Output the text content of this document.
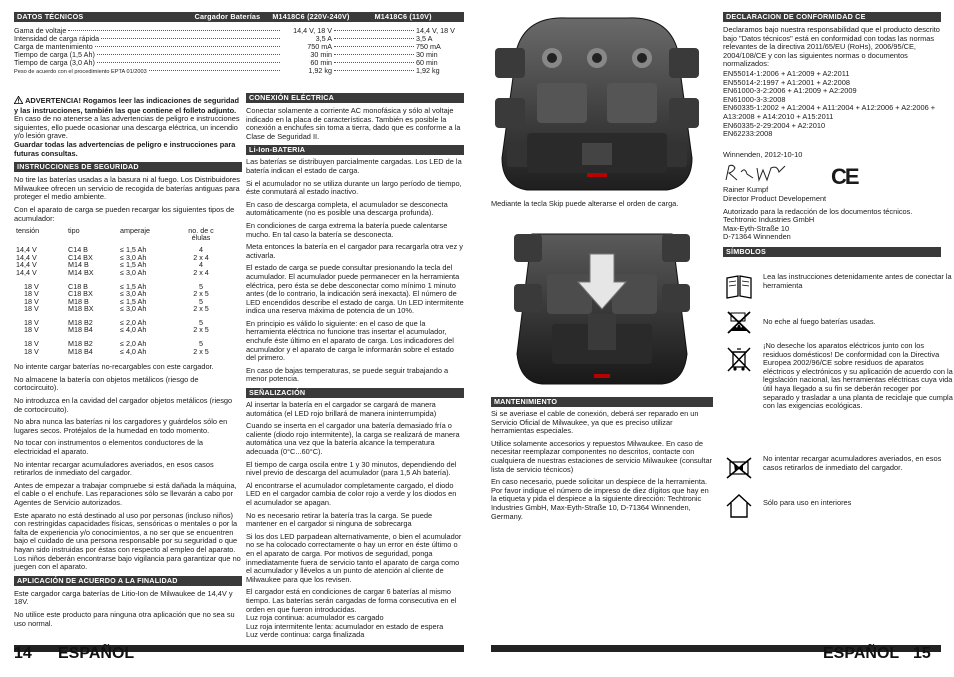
DATOS TÉCNICOS	Cargador Baterías	M1418C6 (220V-240V)	M1418C6 (110V)
Gama de voltaje	14,4 V, 18 V	14,4 V, 18 V
Intensidad de carga rápida	3,5 A	3,5 A
Carga de mantenimiento	750 mA	750 mA
Tiempo de carga (1,5 Ah)	30 min	30 min
Tiempo de carga (3,0 Ah)	60 min	60 min
Peso de acuerdo con el procedimiento EPTA 01/2003	1,92 kg	1,92 kg

ADVERTENCIA! Rogamos leer las indicaciones de seguridad y las instrucciones, también las que contiene el folleto adjunto. En caso de no atenerse a las advertencias de peligro e instrucciones siguientes, ello puede ocasionar una descarga eléctrica, un incendio y/o lesión grave.
Guardar todas las advertencias de peligro e instrucciones para futuras consultas.

INSTRUCCIONES DE SEGURIDAD

No tire las baterías usadas a la basura ni al fuego. Los Distribuidores Milwaukee ofrecen un servicio de recogida de baterías antiguas para proteger el medio ambiente.

Con el aparato de carga se pueden recargar los siguientes tipos de acumulador:

tensión	tipo	amperaje	no. de c élulas

14,4 V	C14 B	≤ 1,5 Ah	4
14,4 V	C14 BX	≤ 3,0 Ah	2 x 4
14,4 V	M14 B	≤ 1,5 Ah	4
14,4 V	M14 BX	≤ 3,0 Ah	2 x 4

18 V	C18 B	≤ 1,5 Ah	5
18 V	C18 BX	≤ 3,0 Ah	2 x 5
18 V	M18 B	≤ 1,5 Ah	5
18 V	M18 BX	≤ 3,0 Ah	2 x 5

18 V	M18 B2	≤ 2,0 Ah	5
18 V	M18 B4	≤ 4,0 Ah	2 x 5

18 V	M18 B2	≤ 2,0 Ah	5
18 V	M18 B4	≤ 4,0 Ah	2 x 5

No intente cargar baterías no-recargables con este cargador.

No almacene la batería con objetos metálicos (riesgo de cortocircuito).

No introduzca en la cavidad del cargador objetos metálicos (riesgo de cortocircuito).

No abra nunca las baterías ni los cargadores y guárdelos sólo en lugares secos. Protéjalos de la humedad en todo momento.

No tocar con instrumentos o elementos conductores de la electricidad el aparato.

No intentar recargar acumuladores averiados, en esos casos retirarlos de inmediato del cargador.

Antes de empezar a trabajar compruebe si está dañada la máquina, el cable o el enchufe. Las reparaciones sólo se llevarán a cabo por Agentes de Servicio autorizados.

Este aparato no está destinado al uso por personas (incluso niños) con restringidas capacidades físicas, sensóricas o mentales o por la falta de experiencia y/o conocimientos, a no ser que se encuentren bajo el cuidado de una persona responsable por su seguridad o que hayan sido instruidas por éstas con respecto al empleo del aparato. Los niños deberán encontrarse bajo vigilancia para garantizar que no juegen con el aparato.

APLICACIÓN DE ACUERDO A LA FINALIDAD

Este cargador carga baterías de Litio-Ion de Milwaukee de 14,4V y 18V.

No utilice este producto para ninguna otra aplicación que no sea su uso normal.

CONEXIÓN ELÉCTRICA

Conectar solamente a corriente AC monofásica y sólo al voltaje indicado en la placa de características. También es posible la conexión a enchufes sin toma a tierra, dado que es conforme a la Clase de Seguridad II.

Li-Ion-BATERIA

Las baterías se distribuyen parcialmente cargadas. Los LED de la batería indican el estado de carga.

Si el acumulador no se utiliza durante un largo período de tiempo, éste conmutará al estado inactivo.

En caso de descarga completa, el acumulador se desconecta automáticamente (no es posible una descarga profunda).

En condiciones de carga extrema la batería puede calentarse mucho. En tal caso la batería se desconecta.

Meta entonces la batería en el cargador para recargarla otra vez y activarla.

El estado de carga se puede consultar presionando la tecla del acumulador. El acumulador puede permanecer en la herramienta eléctrica, pero ésta se debe desconectar como mínimo 1 minuto antes (de lo contrario, la indicación será inexacta). El número de LED encendidos describe el estado de carga. Un LED intermitente indica una reserva máxima de potencia de un 10%.

En principio es válido lo siguiente: en el caso de que la herramienta eléctrica no funcione tras insertar el acumulador, enchufe éste último en el aparato de carga. Los indicadores del acumulador y el aparato de carga le informarán sobre el estado del primero.

En caso de bajas temperaturas, se puede seguir trabajando a menor potencia.

SEÑALIZACIÓN

Al insertar la batería en el cargador se cargará de manera automática (el LED rojo brillará de manera ininterrumpida)

Cuando se inserta en el cargador una batería demasiado fría o caliente (diodo rojo intermitente), la carga se realizará de manera automática una vez que la batería alcance la temperatura adecuada (0°C...60°C).

El tiempo de carga oscila entre 1 y 30 minutos, dependiendo del nivel previo de descarga del acumulador (para 1,5 Ah batería).

Al encontrarse el acumulador completamente cargado, el diodo LED en el cargador cambia de color rojo a verde y los diodos en el acumulador se apagan.

No es necesario retirar la batería tras la carga. Se puede mantener en el cargador si ninguna de sobrecarga

Si los dos LED parpadean alternativamente, o bien el acumulador no se ha colocado correctamente o hay un error en éste último o en el aparato de carga. Por motivos de seguridad, ponga inmediatamente fuera de servicio tanto el aparato de carga como el acumulador y llévelos a un punto de atención al cliente de Milwaukee para que los revisen.

El cargador está en condiciones de cargar 6 baterías al mismo tiempo. Las baterías serán cargadas de forma consecutiva en el orden en que fueron introducidas.
Luz roja continua: acumulador es cargado
Luz roja intermitente lenta: acumulador en estado de espera
Luz verde continua: carga finalizada

14 ESPAÑOL
Mediante la tecla Skip puede alterarse el orden de carga.
MANTENIMIENTO

Si se averiase el cable de conexión, deberá ser reparado en un Servicio Oficial de Milwaukee, ya que es preciso utilizar herramientas especiales.

Utilice solamente accesorios y repuestos Milwaukee. En caso de necesitar reemplazar componentes no descritos, contacte con cualquiera de nuestras estaciones de servicio Milwaukee (consultar lista de servicio técnicos)

En caso necesario, puede solicitar un despiece de la herramienta. Por favor indique el número de impreso de diez dígitos que hay en la etiqueta y pida el despiece a la siguiente dirección: Techtronic Industries GmbH, Max-Eyth-Straße 10, D-71364 Winnenden, Germany.

DECLARACION DE CONFORMIDAD CE

Declaramos bajo nuestra responsabilidad que el producto descrito bajo "Datos técnicos" está en conformidad con todas las normas relevantes de la directiva 2011/65/EU (RoHs), 2006/95/CE, 2004/108/CE y con las siguientes normas o documentos normalizados:

EN55014-1:2006 + A1:2009 + A2:2011
EN55014-2:1997 + A1:2001 + A2:2008
EN61000-3-2:2006 + A1:2009 + A2:2009
EN61000-3-3:2008
EN60335-1:2002 + A1:2004 + A11:2004 + A12:2006 + A2:2006 + A13:2008 + A14:2010 + A15:2011
EN60335-2-29:2004 + A2:2010
EN62233:2008

Winnenden, 2012-10-10

CE

Rainer Kumpf

Director Product Developement

Autorizado para la redacción de los documentos técnicos.

Techtronic Industries GmbH
Max-Eyth-Straße 10
D-71364 Winnenden
SÍMBOLOS
Lea las instrucciones detenidamente antes de conectar la herramienta
No eche al fuego baterías usadas.
¡No deseche los aparatos eléctricos junto con los residuos domésticos! De conformidad con la Directiva Europea 2002/96/CE sobre residuos de aparatos eléctricos y electrónicos y su aplicación de acuerdo con la legislación nacional, las herramientas eléctricas cuya vida útil haya llegado a su fin se deberán recoger por separado y trasladar a una planta de reciclaje que cumpla con las exigencias ecológicas.
No intentar recargar acumuladores averiados, en esos casos retirarlos de inmediato del cargador.
Sólo para uso en interiores
ESPAÑOL 15
